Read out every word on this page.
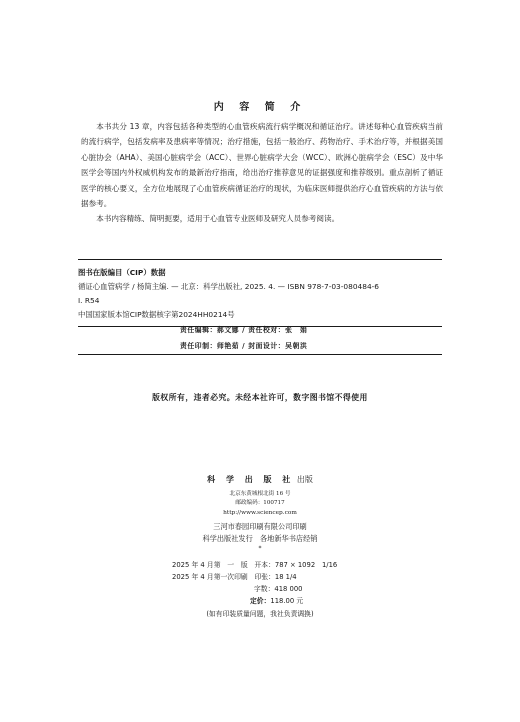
内 容 简 介

本书共分 13 章，内容包括各种类型的心血管疾病流行病学概况和循证治疗。讲述每种心血管疾病当前的流行病学，包括发病率及患病率等情况；治疗措施，包括一般治疗、药物治疗、手术治疗等，并根据美国心脏协会（AHA）、美国心脏病学会（ACC）、世界心脏病学大会（WCC）、欧洲心脏病学会（ESC）及中华医学会等国内外权威机构发布的最新治疗指南，给出治疗推荐意见的证据强度和推荐级别。重点剖析了循证医学的核心要义，全方位地展现了心血管疾病循证治疗的现状，为临床医师提供治疗心血管疾病的方法与依据参考。

本书内容精练、简明扼要，适用于心血管专业医师及研究人员参考阅读。

图书在版编目（CIP）数据
循证心血管病学 / 杨简主编. — 北京：科学出版社, 2025. 4. — ISBN 978-7-03-080484-6
Ⅰ. R54
中国国家版本馆CIP数据核字第2024HH0214号
责任编辑：郝文娜 / 责任校对：张　娟
责任印制：师艳茹 / 封面设计：吴朝洪
版权所有，违者必究。未经本社许可，数字图书馆不得使用
科 学 出 版 社 出版
北京东黄城根北街 16 号
邮政编码：100717
http://www.sciencep.com
三河市春园印刷有限公司印刷
科学出版社发行　各地新华书店经销
*
2025 年 4 月第　一　版　开本：787 × 1092　1/16
2025 年 4 月第一次印刷　印张：18 1/4
字数：418 000
定价：118.00 元
(如有印装质量问题，我社负责调换)
